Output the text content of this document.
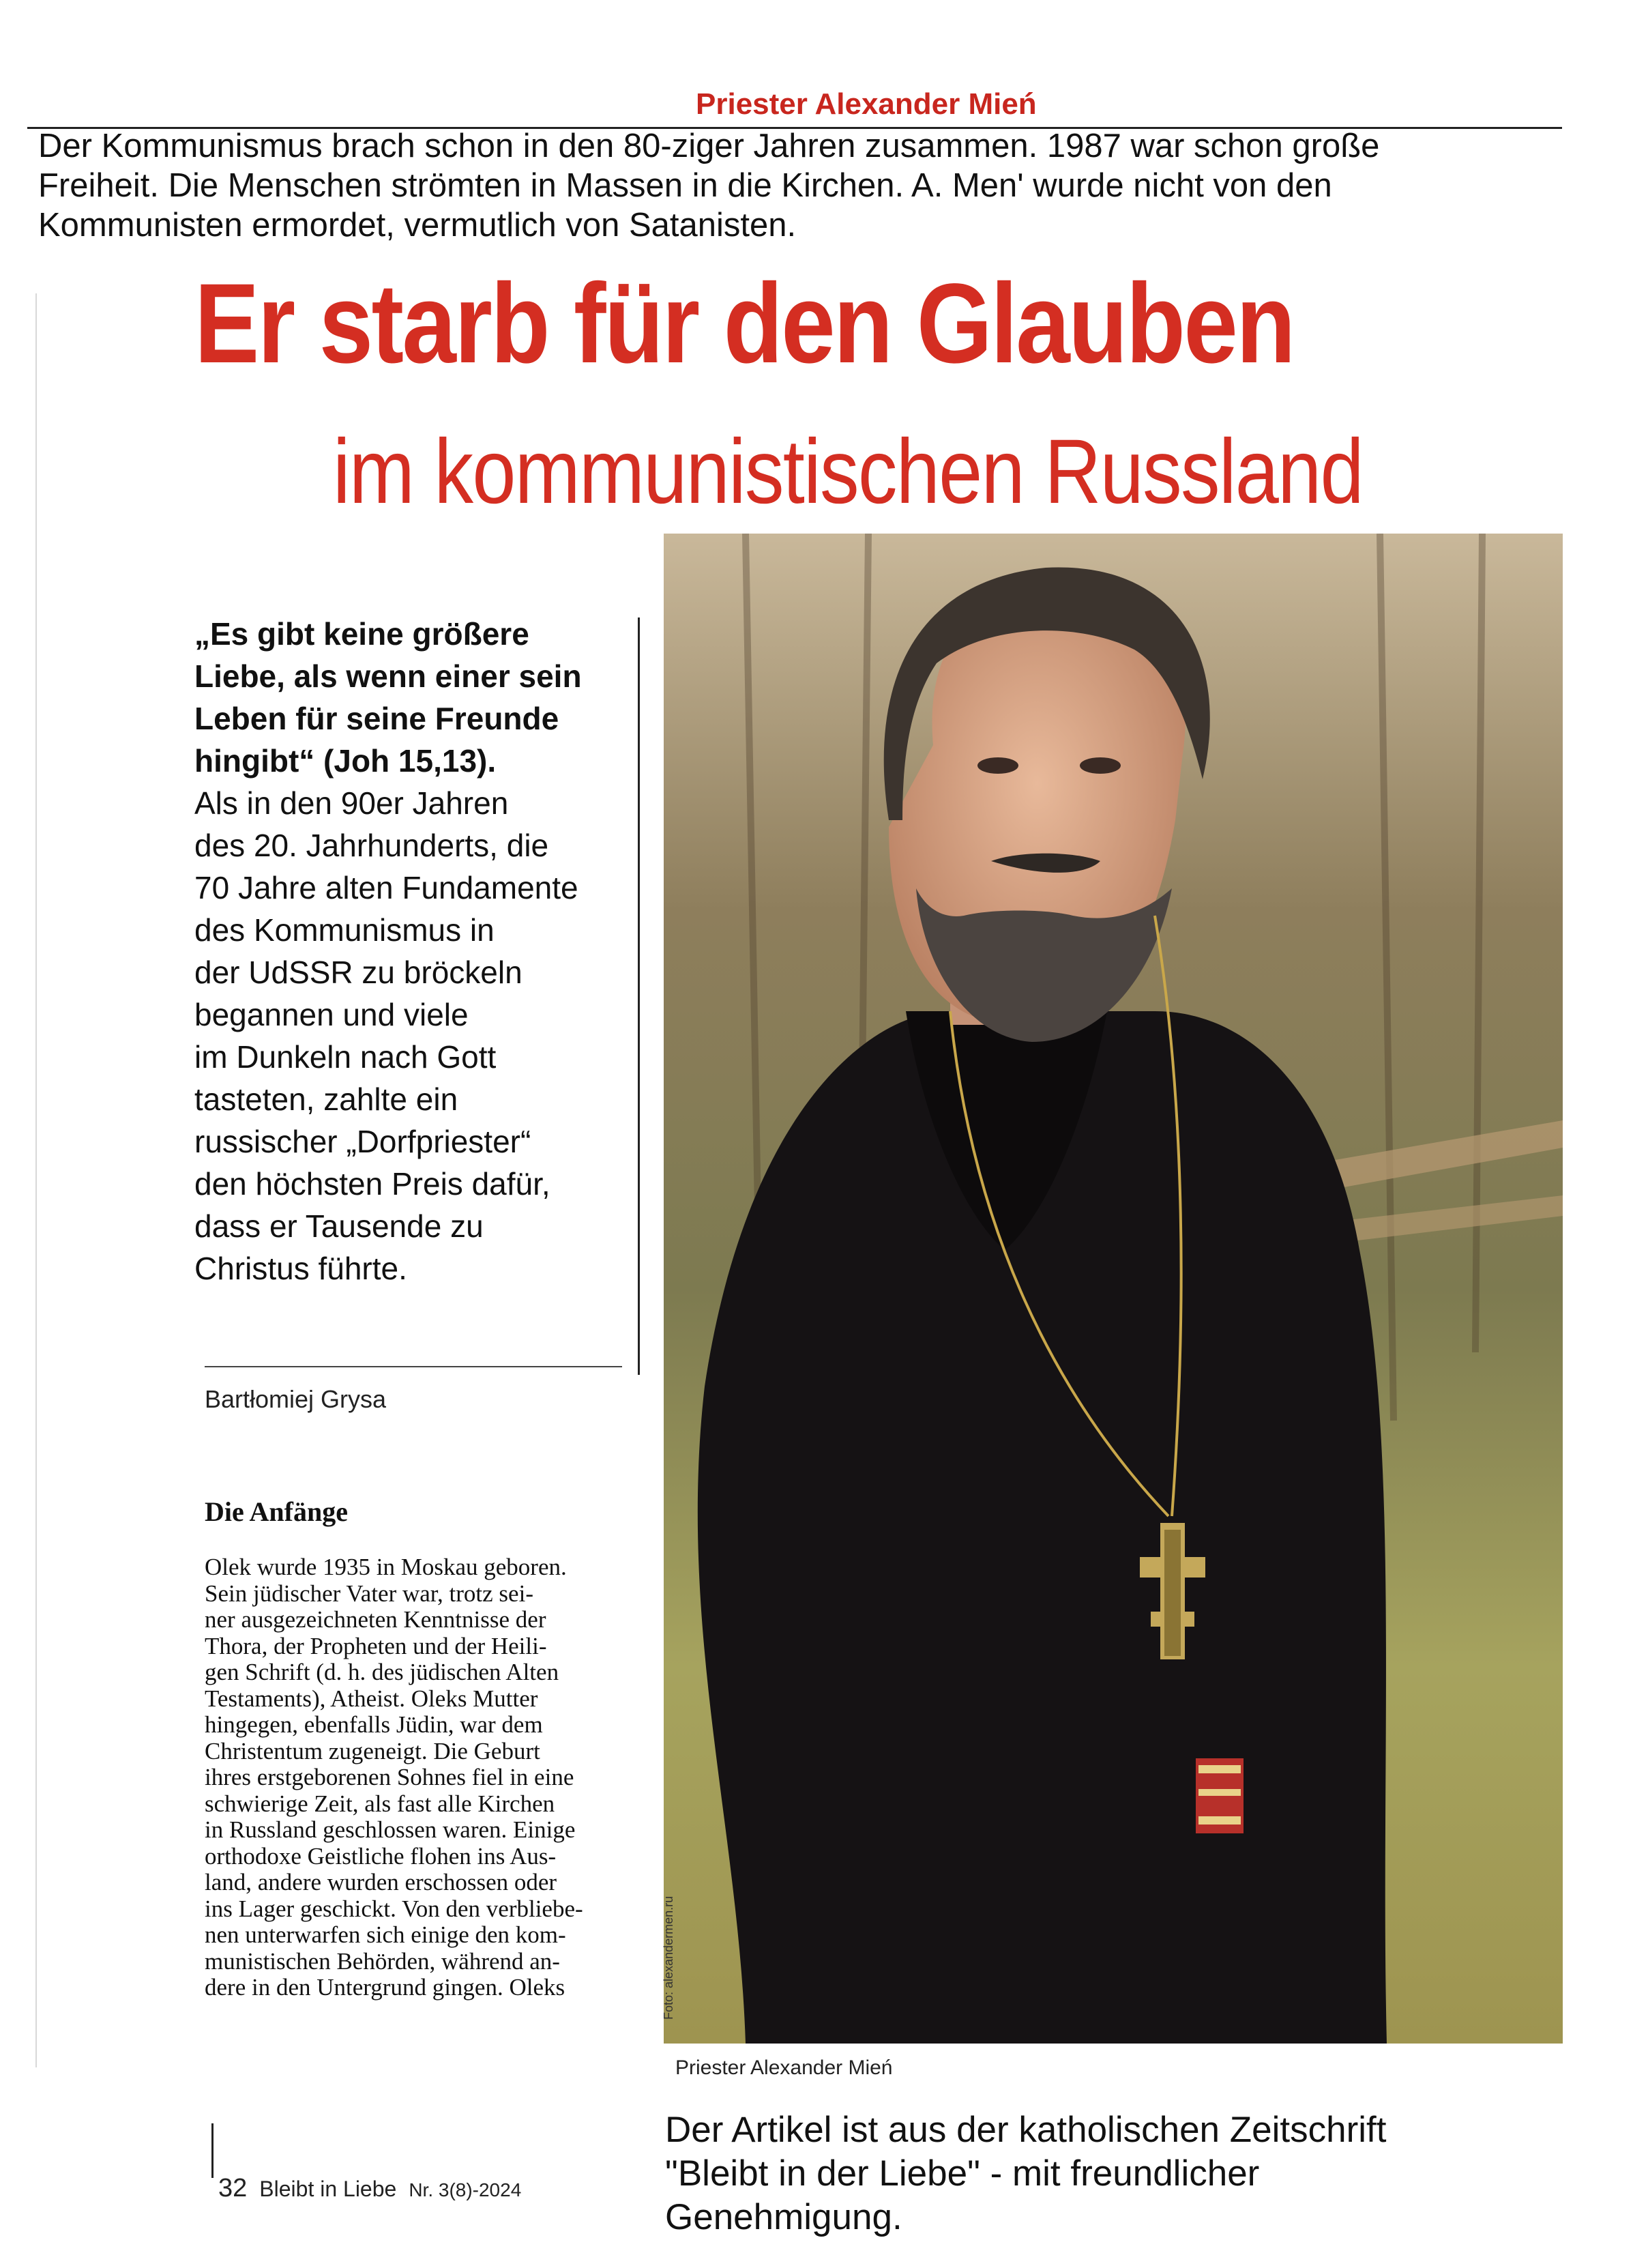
Priester Alexander Mień

Der Kommunismus brach schon in den 80-ziger Jahren zusammen. 1987 war schon große

Freiheit. Die Menschen strömten in Massen in die Kirchen. A. Men' wurde nicht von den

Kommunisten ermordet, vermutlich von Satanisten.

Er starb für den Glauben
im kommunistischen Russland
„Es gibt keine größere
Liebe, als wenn einer sein
Leben für seine Freunde
hingibt“ (Joh 15,13).
Als in den 90er Jahren
des 20. Jahrhunderts, die
70 Jahre alten Fundamente
des Kommunismus in
der UdSSR zu bröckeln
begannen und viele
im Dunkeln nach Gott
tasteten, zahlte ein
russischer „Dorfpriester“
den höchsten Preis dafür,
dass er Tausende zu
Christus führte.
Bartłomiej Grysa
Die Anfänge

Olek wurde 1935 in Moskau geboren.

Sein jüdischer Vater war, trotz sei-

ner ausgezeichneten Kenntnisse der

Thora, der Propheten und der Heili-

gen Schrift (d. h. des jüdischen Alten

Testaments), Atheist. Oleks Mutter

hingegen, ebenfalls Jüdin, war dem

Christentum zugeneigt. Die Geburt

ihres erstgeborenen Sohnes fiel in eine

schwierige Zeit, als fast alle Kirchen

in Russland geschlossen waren. Einige

orthodoxe Geistliche flohen ins Aus-

land, andere wurden erschossen oder

ins Lager geschickt. Von den verbliebe-

nen unterwarfen sich einige den kom-

munistischen Behörden, während an-

dere in den Untergrund gingen. Oleks	Foto: alexandermen.ru
Priester Alexander Mień
32 Bleibt in Liebe Nr. 3(8)-2024

Der Artikel ist aus der katholischen Zeitschrift

"Bleibt in der Liebe" - mit freundlicher

Genehmigung.
